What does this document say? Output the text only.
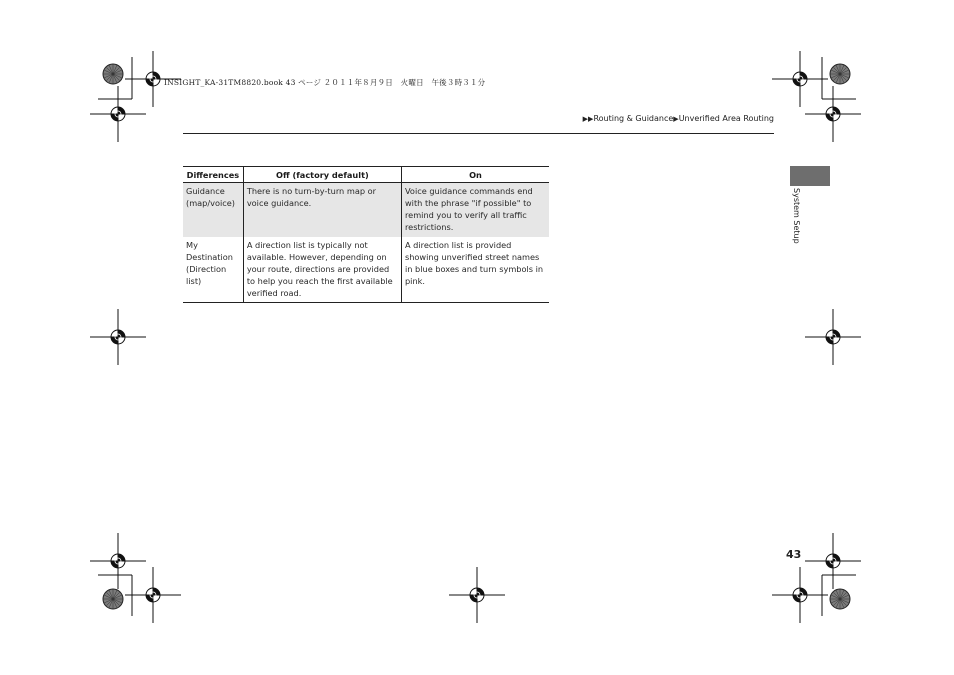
INSIGHT_KA-31TM8820.book 43 ページ ２０１１年８月９日　火曜日　午後３時３１分
▶▶Routing & Guidance▶Unverified Area Routing
System Setup
Differences	Off (factory default)	On
Guidance (map/voice)	There is no turn-by-turn map or voice guidance.	Voice guidance commands end with the phrase "if possible" to remind you to verify all traffic restrictions.
My Destination (Direction list)	A direction list is typically not available. However, depending on your route, directions are provided to help you reach the first available verified road.	A direction list is provided showing unverified street names in blue boxes and turn symbols in pink.
43
